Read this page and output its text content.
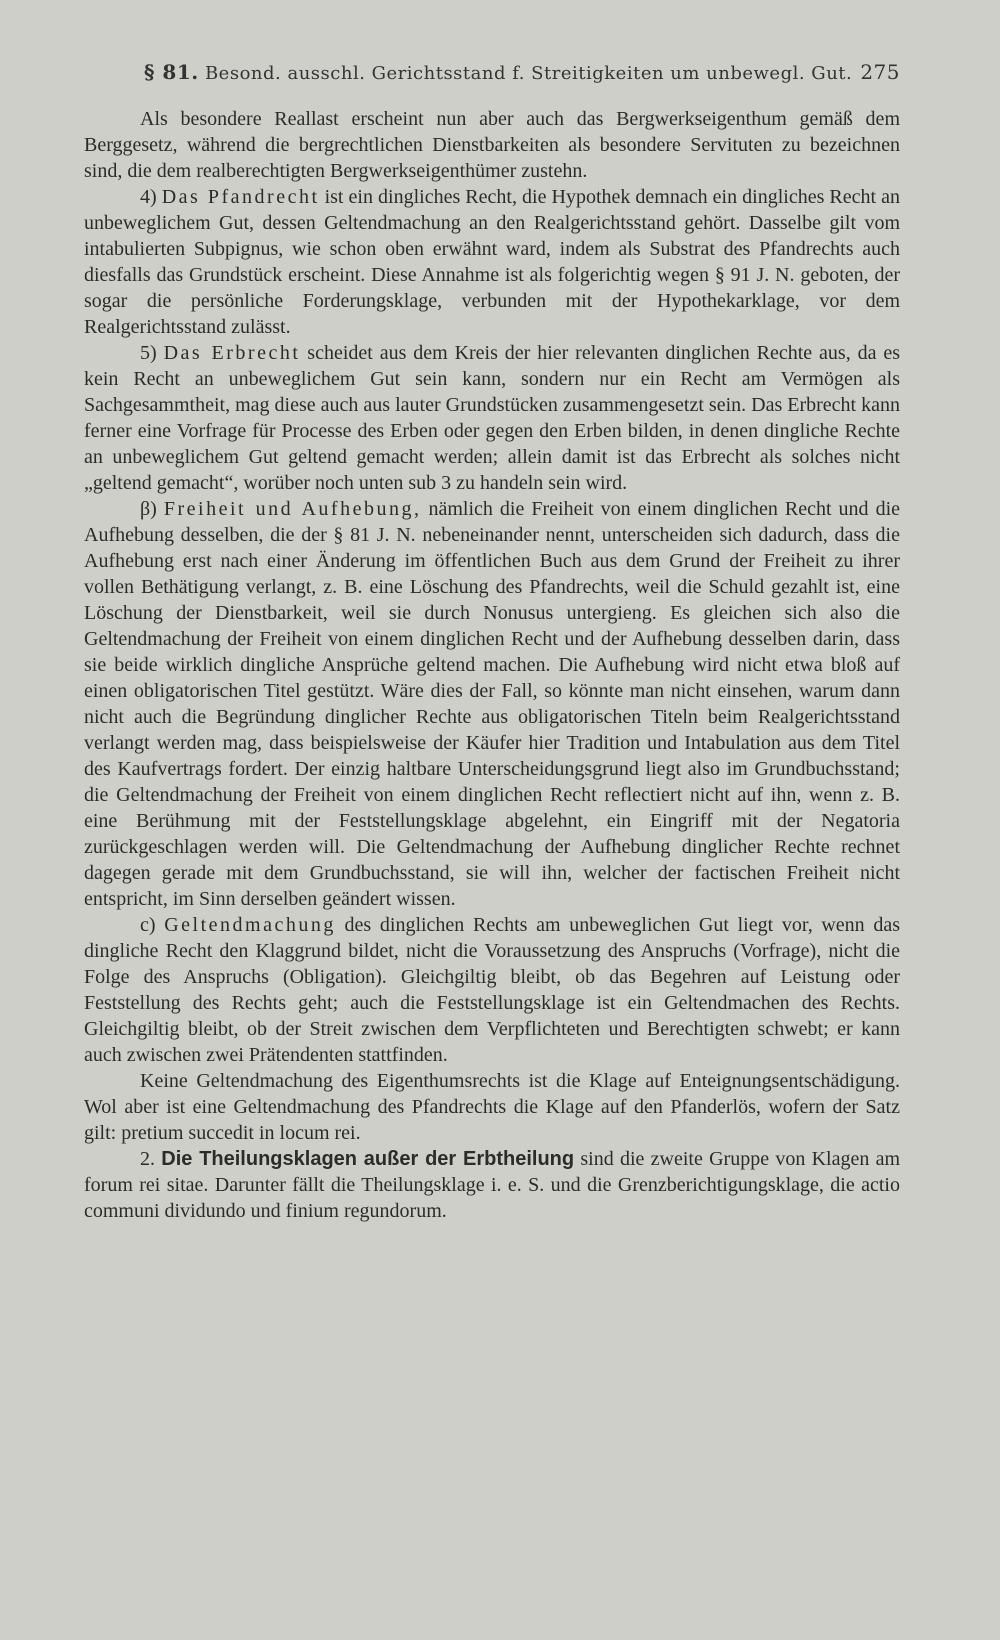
§ 81. Besond. ausschl. Gerichtsstand f. Streitigkeiten um unbewegl. Gut. 275

Als besondere Reallast erscheint nun aber auch das Bergwerkseigenthum gemäß dem Berggesetz, während die bergrechtlichen Dienstbarkeiten als besondere Servituten zu bezeichnen sind, die dem realberechtigten Bergwerkseigenthümer zustehn.

4) Das Pfandrecht ist ein dingliches Recht, die Hypothek demnach ein dingliches Recht an unbeweglichem Gut, dessen Geltendmachung an den Realgerichtsstand gehört. Dasselbe gilt vom intabulierten Subpignus, wie schon oben erwähnt ward, indem als Substrat des Pfandrechts auch diesfalls das Grundstück erscheint. Diese Annahme ist als folgerichtig wegen § 91 J. N. geboten, der sogar die persönliche Forderungsklage, verbunden mit der Hypothekarklage, vor dem Realgerichtsstand zulässt.

5) Das Erbrecht scheidet aus dem Kreis der hier relevanten dinglichen Rechte aus, da es kein Recht an unbeweglichem Gut sein kann, sondern nur ein Recht am Vermögen als Sachgesammtheit, mag diese auch aus lauter Grundstücken zusammengesetzt sein. Das Erbrecht kann ferner eine Vorfrage für Processe des Erben oder gegen den Erben bilden, in denen dingliche Rechte an unbeweglichem Gut geltend gemacht werden; allein damit ist das Erbrecht als solches nicht „geltend gemacht“, worüber noch unten sub 3 zu handeln sein wird.

β) Freiheit und Aufhebung, nämlich die Freiheit von einem dinglichen Recht und die Aufhebung desselben, die der § 81 J. N. nebeneinander nennt, unterscheiden sich dadurch, dass die Aufhebung erst nach einer Änderung im öffentlichen Buch aus dem Grund der Freiheit zu ihrer vollen Bethätigung verlangt, z. B. eine Löschung des Pfandrechts, weil die Schuld gezahlt ist, eine Löschung der Dienstbarkeit, weil sie durch Nonusus untergieng. Es gleichen sich also die Geltendmachung der Freiheit von einem dinglichen Recht und der Aufhebung desselben darin, dass sie beide wirklich dingliche Ansprüche geltend machen. Die Aufhebung wird nicht etwa bloß auf einen obligatorischen Titel gestützt. Wäre dies der Fall, so könnte man nicht einsehen, warum dann nicht auch die Begründung dinglicher Rechte aus obligatorischen Titeln beim Realgerichtsstand verlangt werden mag, dass beispielsweise der Käufer hier Tradition und Intabulation aus dem Titel des Kaufvertrags fordert. Der einzig haltbare Unterscheidungsgrund liegt also im Grundbuchsstand; die Geltendmachung der Freiheit von einem dinglichen Recht reflectiert nicht auf ihn, wenn z. B. eine Berühmung mit der Feststellungsklage abgelehnt, ein Eingriff mit der Negatoria zurückgeschlagen werden will. Die Geltendmachung der Aufhebung dinglicher Rechte rechnet dagegen gerade mit dem Grundbuchsstand, sie will ihn, welcher der factischen Freiheit nicht entspricht, im Sinn derselben geändert wissen.

c) Geltendmachung des dinglichen Rechts am unbeweglichen Gut liegt vor, wenn das dingliche Recht den Klaggrund bildet, nicht die Voraussetzung des Anspruchs (Vorfrage), nicht die Folge des Anspruchs (Obligation). Gleichgiltig bleibt, ob das Begehren auf Leistung oder Feststellung des Rechts geht; auch die Feststellungsklage ist ein Geltendmachen des Rechts. Gleichgiltig bleibt, ob der Streit zwischen dem Verpflichteten und Berechtigten schwebt; er kann auch zwischen zwei Prätendenten stattfinden.

Keine Geltendmachung des Eigenthumsrechts ist die Klage auf Enteignungsentschädigung. Wol aber ist eine Geltendmachung des Pfandrechts die Klage auf den Pfanderlös, wofern der Satz gilt: pretium succedit in locum rei.

2. Die Theilungsklagen außer der Erbtheilung sind die zweite Gruppe von Klagen am forum rei sitae. Darunter fällt die Theilungsklage i. e. S. und die Grenzberichtigungsklage, die actio communi dividundo und finium regundorum.
